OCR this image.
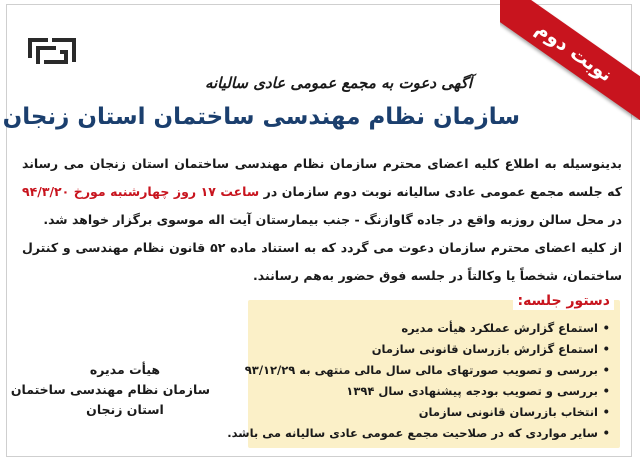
نوبت دوم
آگهی دعوت به مجمع عمومی عادی سالیانه
سازمان نظام مهندسی ساختمان استان زنجان

بدینوسیله به اطلاع کلیه اعضای محترم سازمان نظام مهندسی ساختمان استان زنجان می رساند که جلسه مجمع عمومی عادی سالیانه نوبت دوم سازمان در ساعت ۱۷ روز چهارشنبه مورخ ۹۴/۳/۲۰ در محل سالن روزبه واقع در جاده گاوازنگ - جنب بیمارستان آیت اله موسوی برگزار خواهد شد.

از کلیه اعضای محترم سازمان دعوت می گردد که به استناد ماده ۵۲ قانون نظام مهندسی و کنترل ساختمان، شخصاً یا وکالتاً در جلسه فوق حضور به‌هم رسانند.

دستور جلسه:
• استماع گزارش عملکرد هیأت مدیره
• استماع گزارش بازرسان قانونی سازمان
• بررسی و تصویب صورتهای مالی سال مالی منتهی به ۹۳/۱۲/۲۹
• بررسی و تصویب بودجه پیشنهادی سال ۱۳۹۴
• انتخاب بازرسان قانونی سازمان
• سایر مواردی که در صلاحیت مجمع عمومی عادی سالیانه می باشد.
هیأت مدیره
سازمان نظام مهندسی ساختمان
استان زنجان
